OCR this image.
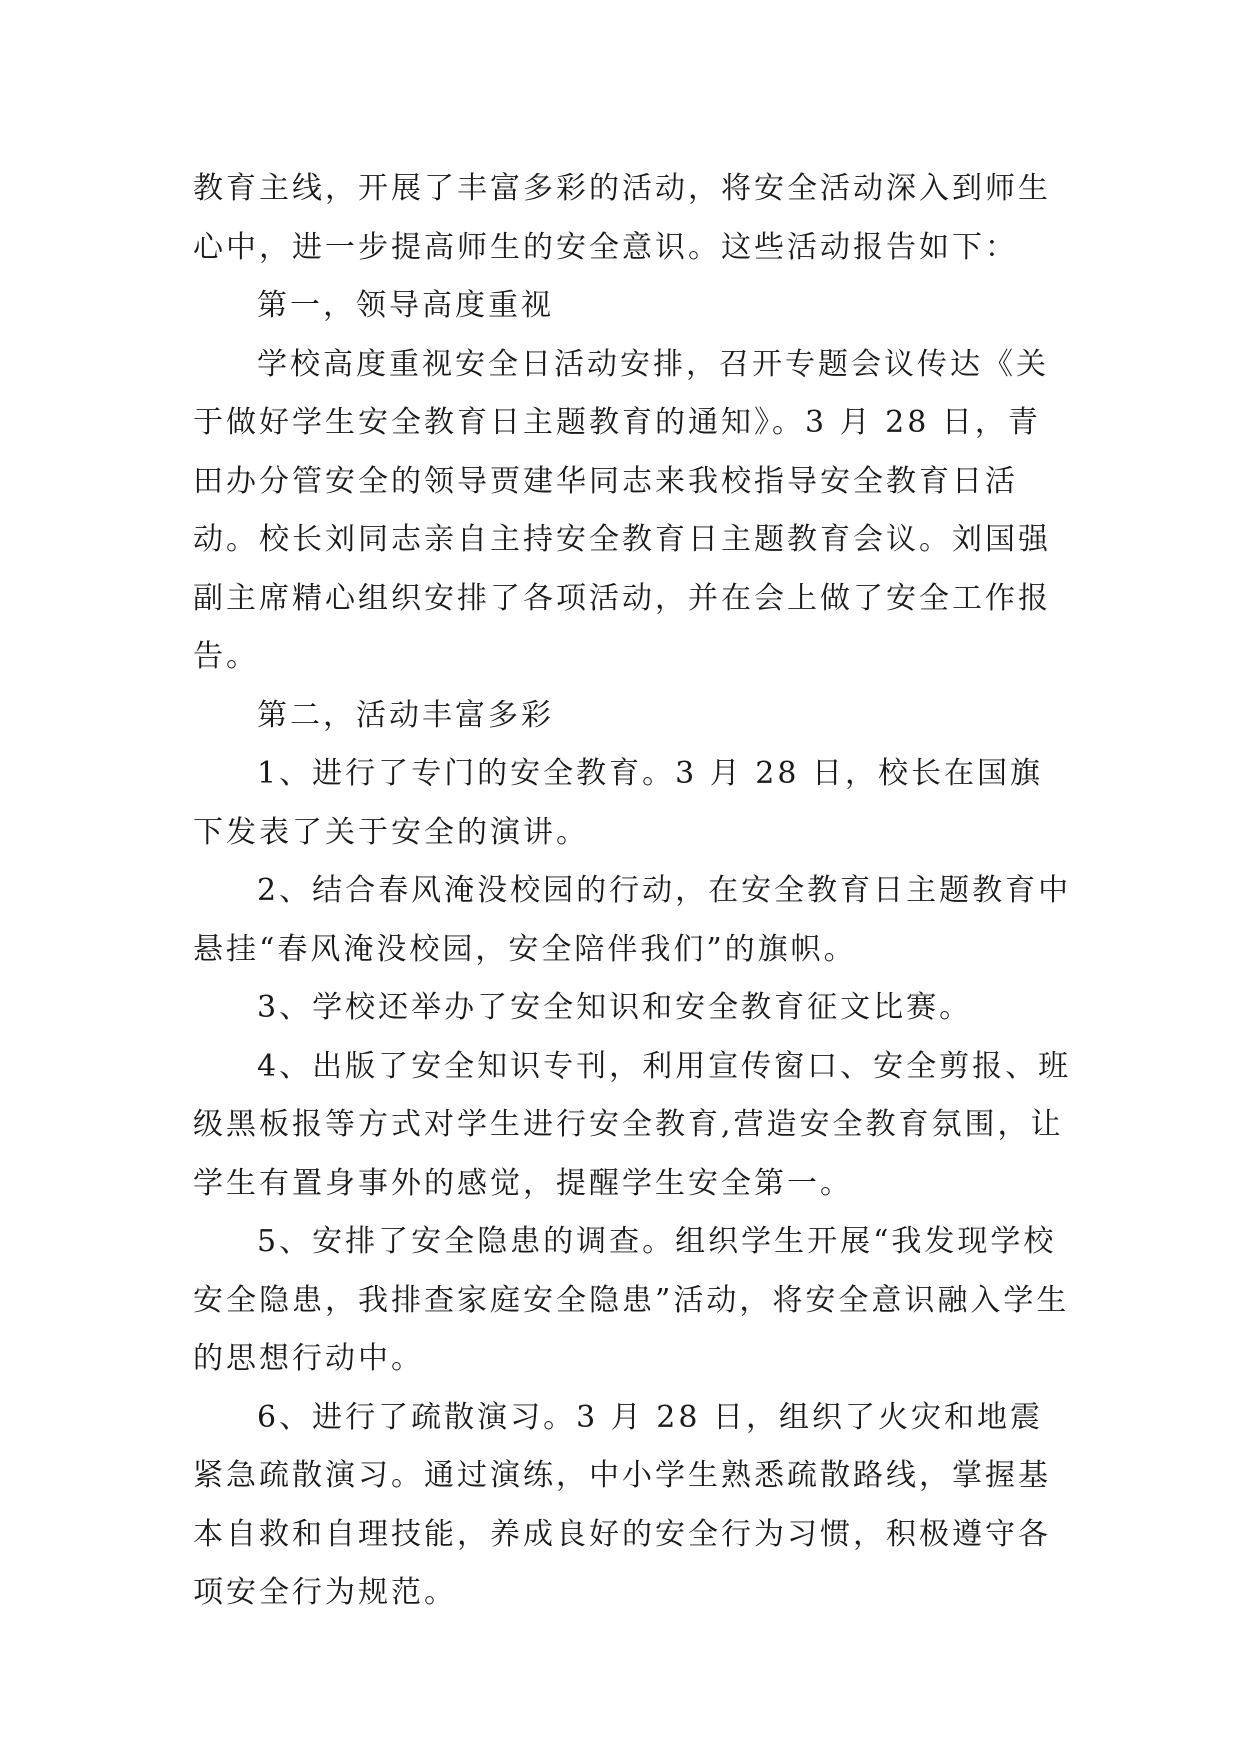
教育主线，开展了丰富多彩的活动，将安全活动深入到师生心中，进一步提高师生的安全意识。这些活动报告如下：

第一，领导高度重视

学校高度重视安全日活动安排，召开专题会议传达《关于做好学生安全教育日主题教育的通知》。3 月 28 日，青田办分管安全的领导贾建华同志来我校指导安全教育日活动。校长刘同志亲自主持安全教育日主题教育会议。刘国强副主席精心组织安排了各项活动，并在会上做了安全工作报告。

第二，活动丰富多彩

1、进行了专门的安全教育。3 月 28 日，校长在国旗下发表了关于安全的演讲。

2、结合春风淹没校园的行动，在安全教育日主题教育中悬挂“春风淹没校园，安全陪伴我们”的旗帜。

3、学校还举办了安全知识和安全教育征文比赛。

4、出版了安全知识专刊，利用宣传窗口、安全剪报、班级黑板报等方式对学生进行安全教育,营造安全教育氛围，让学生有置身事外的感觉，提醒学生安全第一。

5、安排了安全隐患的调查。组织学生开展“我发现学校安全隐患，我排查家庭安全隐患”活动，将安全意识融入学生的思想行动中。

6、进行了疏散演习。3 月 28 日，组织了火灾和地震紧急疏散演习。通过演练，中小学生熟悉疏散路线，掌握基本自救和自理技能，养成良好的安全行为习惯，积极遵守各项安全行为规范。
